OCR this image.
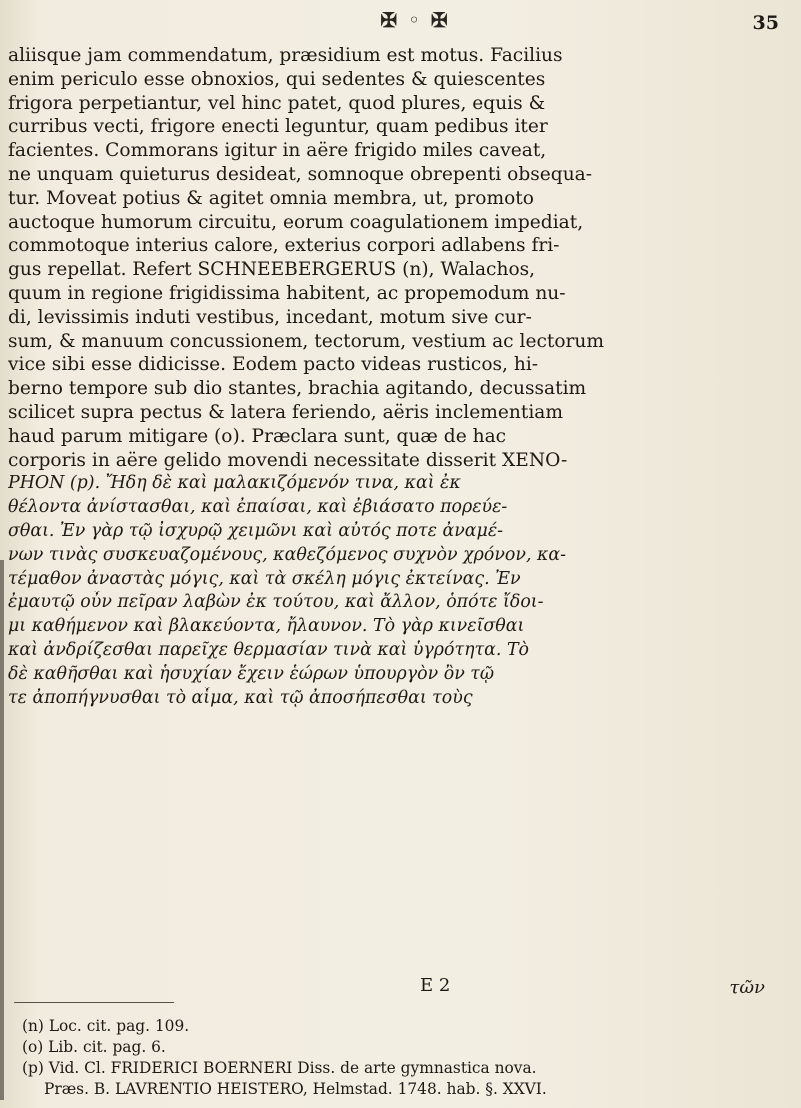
✠ ◦ ✠	35
aliisque jam commendatum, præsidium est motus. Facilius
enim periculo esse obnoxios, qui sedentes & quiescentes
frigora perpetiantur, vel hinc patet, quod plures, equis &
curribus vecti, frigore enecti leguntur, quam pedibus iter
facientes. Commorans igitur in aëre frigido miles caveat,
ne unquam quieturus desideat, somnoque obrepenti obsequa-
tur. Moveat potius & agitet omnia membra, ut, promoto
auctoque humorum circuitu, eorum coagulationem impediat,
commotoque interius calore, exterius corpori adlabens fri-
gus repellat. Refert SCHNEEBERGERUS (n), Walachos,
quum in regione frigidissima habitent, ac propemodum nu-
di, levissimis induti vestibus, incedant, motum sive cur-
sum, & manuum concussionem, tectorum, vestium ac lectorum
vice sibi esse didicisse. Eodem pacto videas rusticos, hi-
berno tempore sub dio stantes, brachia agitando, decussatim
scilicet supra pectus & latera feriendo, aëris inclementiam
haud parum mitigare (o). Præclara sunt, quæ de hac
corporis in aëre gelido movendi necessitate disserit XENO-
PHON (p). Ἤδη δὲ καὶ μαλακιζόμενόν τινα, καὶ ἐκ
θέλοντα ἀνίστασθαι, καὶ ἐπαίσαι, καὶ ἐβιάσατο πορεύε-
σθαι. Ἐν γὰρ τῷ ἰσχυρῷ χειμῶνι καὶ αὐτός ποτε ἀναμέ-
νων τινὰς συσκευαζομένους, καθεζόμενος συχνὸν χρόνον, κα-
τέμαθον ἀναστὰς μόγις, καὶ τὰ σκέλη μόγις ἐκτείνας. Ἐν
ἐμαυτῷ οὖν πεῖραν λαβὼν ἐκ τούτου, καὶ ἄλλον, ὁπότε ἴδοι-
μι καθήμενον καὶ βλακεύοντα, ἤλαυνον. Τὸ γὰρ κινεῖσθαι
καὶ ἀνδρίζεσθαι παρεῖχε θερμασίαν τινὰ καὶ ὑγρότητα. Τὸ
δὲ καθῆσθαι καὶ ἡσυχίαν ἔχειν ἑώρων ὑπουργὸν ὂν τῷ
τε ἀποπήγνυσθαι τὸ αἷμα, καὶ τῷ ἀποσήπεσθαι τοὺς
E 2	τῶν
(n) Loc. cit. pag. 109.
(o) Lib. cit. pag. 6.
(p) Vid. Cl. FRIDERICI BOERNERI Diss. de arte gymnastica nova.
Præs. B. LAVRENTIO HEISTERO, Helmstad. 1748. hab. §. XXVI.
